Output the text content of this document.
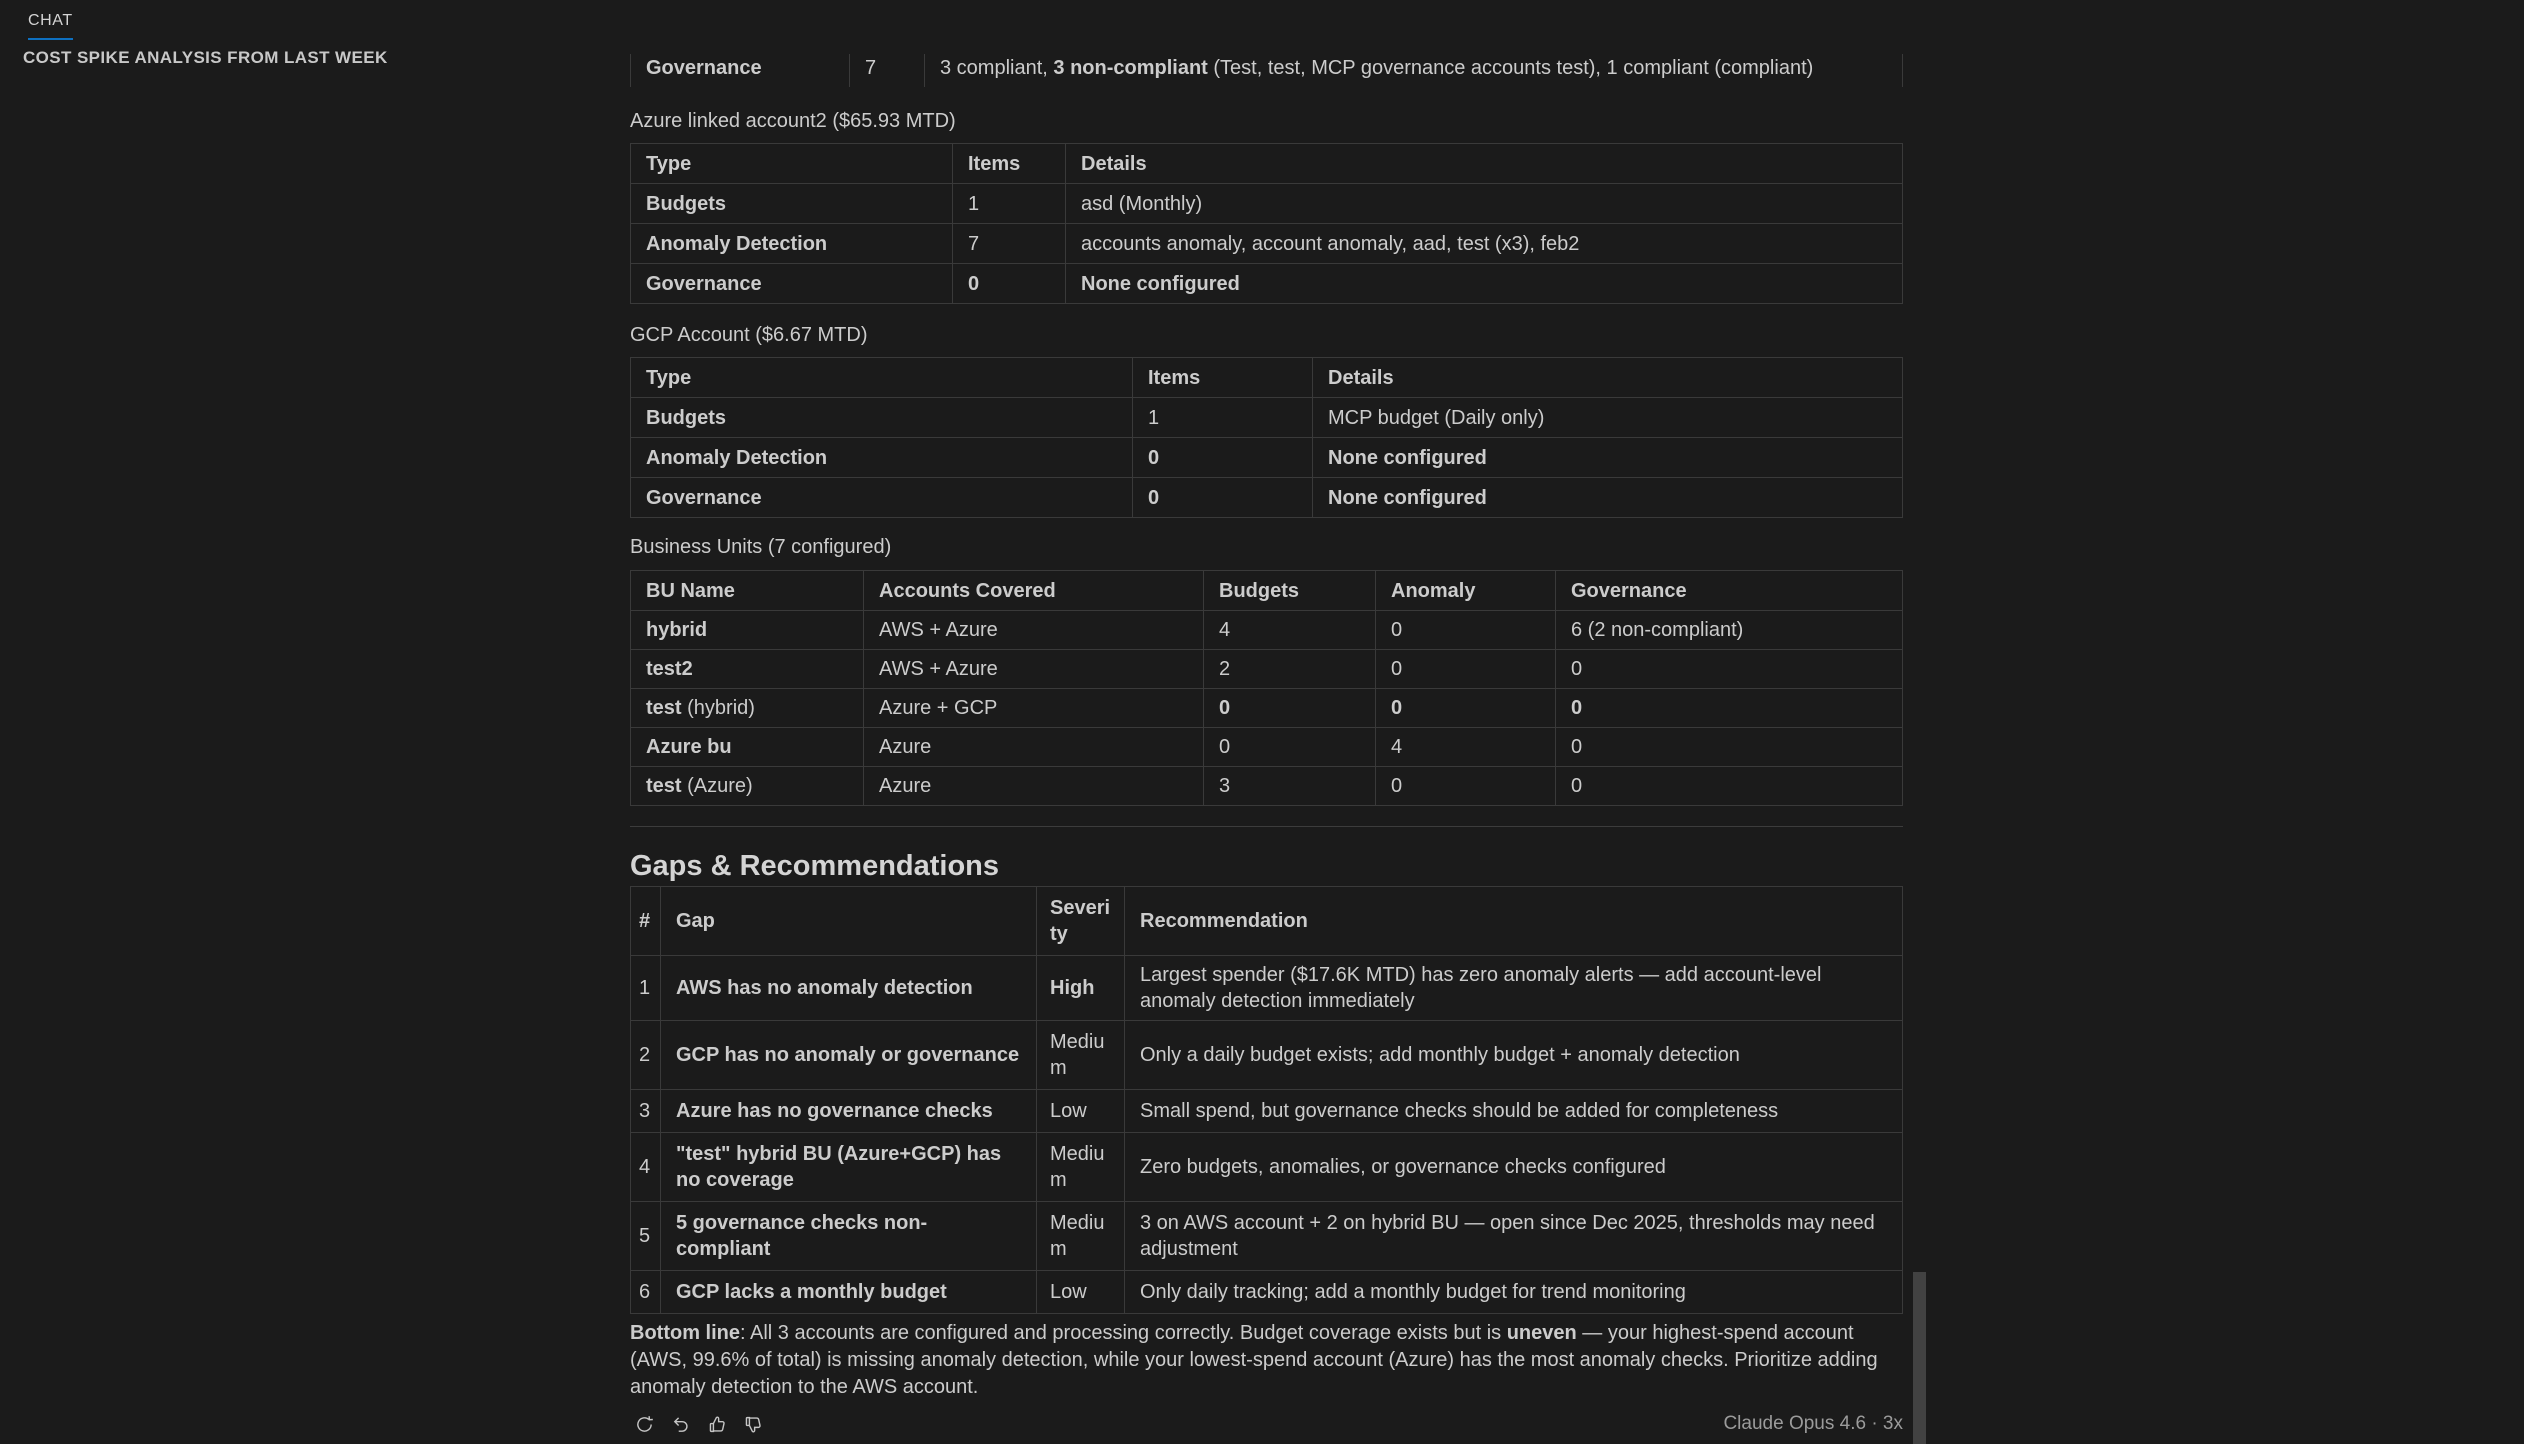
CHAT
COST SPIKE ANALYSIS FROM LAST WEEK	Governance	7	3 compliant, 3 non-compliant (Test, test, MCP governance accounts test), 1 compliant (compliant)

Azure linked account2 ($65.93 MTD)

Type	Items	Details
Budgets	1	asd (Monthly)
Anomaly Detection	7	accounts anomaly, account anomaly, aad, test (x3), feb2
Governance	0	None configured

GCP Account ($6.67 MTD)

Type	Items	Details
Budgets	1	MCP budget (Daily only)
Anomaly Detection	0	None configured
Governance	0	None configured

Business Units (7 configured)

BU Name	Accounts Covered	Budgets	Anomaly	Governance
hybrid	AWS + Azure	4	0	6 (2 non-compliant)
test2	AWS + Azure	2	0	0
test (hybrid)	Azure + GCP	0	0	0
Azure bu	Azure	0	4	0
test (Azure)	Azure	3	0	0
Gaps & Recommendations
#	Gap	Severity	Recommendation
1	AWS has no anomaly detection	High	Largest spender ($17.6K MTD) has zero anomaly alerts — add account-level anomaly detection immediately
2	GCP has no anomaly or governance	Medium	Only a daily budget exists; add monthly budget + anomaly detection
3	Azure has no governance checks	Low	Small spend, but governance checks should be added for completeness
4	"test" hybrid BU (Azure+GCP) has no coverage	Medium	Zero budgets, anomalies, or governance checks configured
5	5 governance checks non-compliant	Medium	3 on AWS account + 2 on hybrid BU — open since Dec 2025, thresholds may need adjustment
6	GCP lacks a monthly budget	Low	Only daily tracking; add a monthly budget for trend monitoring

Bottom line: All 3 accounts are configured and processing correctly. Budget coverage exists but is uneven — your highest-spend account (AWS, 99.6% of total) is missing anomaly detection, while your lowest-spend account (Azure) has the most anomaly checks. Prioritize adding anomaly detection to the AWS account.

Claude Opus 4.6 · 3x
